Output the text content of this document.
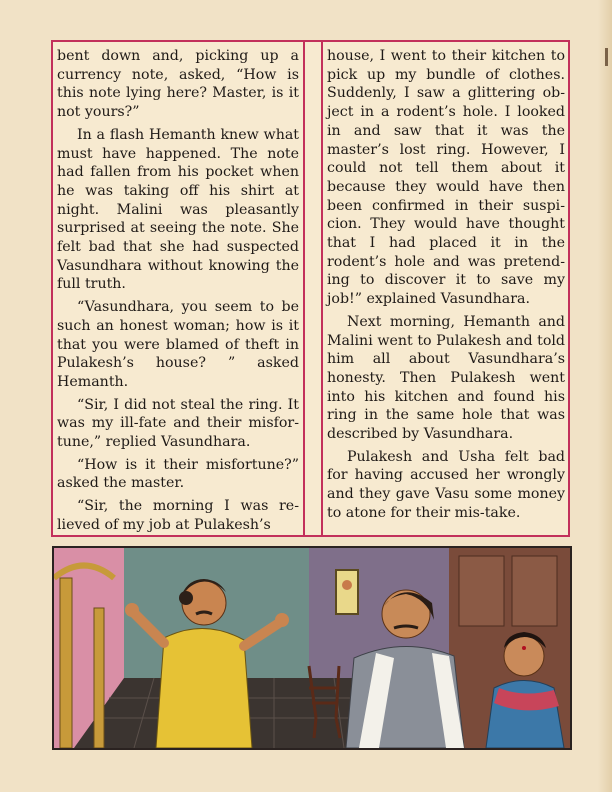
bent down and, picking up a currency note, asked, “How is this note lying here? Master, is it not yours?”

In a flash Hemanth knew what must have happened. The note had fallen from his pocket when he was taking off his shirt at night. Malini was pleasantly surprised at seeing the note. She felt bad that she had suspected Vasundhara without knowing the full truth.

“Vasundhara, you seem to be such an honest woman; how is it that you were blamed of theft in Pulakesh’s house? ” asked Hemanth.

“Sir, I did not steal the ring. It was my ill-fate and their misfor-tune,” replied Vasundhara.

“How is it their misfortune?” asked the master.

“Sir, the morning I was re-lieved of my job at Pulakesh’s

house, I went to their kitchen to pick up my bundle of clothes. Suddenly, I saw a glittering ob-ject in a rodent’s hole. I looked in and saw that it was the master’s lost ring. However, I could not tell them about it because they would have then been confirmed in their suspi-cion. They would have thought that I had placed it in the rodent’s hole and was pretend-ing to discover it to save my job!” explained Vasundhara.

Next morning, Hemanth and Malini went to Pulakesh and told him all about Vasundhara’s honesty. Then Pulakesh went into his kitchen and found his ring in the same hole that was described by Vasundhara.

Pulakesh and Usha felt bad for having accused her wrongly and they gave Vasu some money to atone for their mis-take.
